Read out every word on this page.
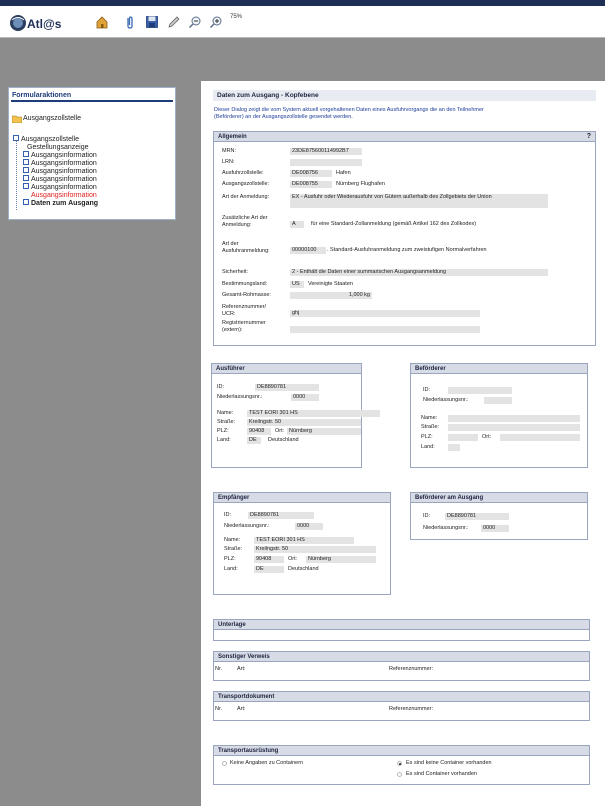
Atl@s	75%
Formularaktionen
Ausgangszollstelle
Ausgangszollstelle
Gestellungsanzeige
Ausgangsinformation
Ausgangsinformation
Ausgangsinformation
Ausgangsinformation
Ausgangsinformation
Ausgangsinformation
Daten zum Ausgang
Daten zum Ausgang - Kopfebene
Dieser Dialog zeigt die vom System aktuell vorgehaltenen Daten eines Ausfuhrvorgangs die an den Teilnehmer (Beförderer) an der Ausgangszollstelle gesendet werden.
Allgemein	?
MRN:	23DE875600114992B7
LRN:
Ausfuhrzollstelle:	DE008756	Hafen
Ausgangszollstelle:	DE008755	Nürnberg Flughafen
Art der Anmeldung:	EX - Ausfuhr oder Wiederausfuhr von Gütern außerhalb des Zollgebiets der Union
Zusätzliche Art der
Anmeldung:	A	für eine Standard-Zollanmeldung (gemäß Artikel 162 des Zollkodex)
Art der
Ausfuhranmeldung:	00000100	. Standard-Ausfuhranmeldung zum zweistufigen Normalverfahren
Sicherheit:	2 - Enthält die Daten einer summarischen Ausgangsanmeldung
Bestimmungsland:	US	Vereinigte Staaten
Gesamt-Rohmasse:	1,000 kg
Referenznummer/
UCR:	ghj
Registriernummer
(extern):
Ausführer
ID:	DE8890781
Niederlassungsnr.:	0000
Name:	TEST EORI 301 HS
Straße:	Kreilngstr. 50
PLZ:	90408	Ort: Nürnberg
Land:	DE	Deutschland
Beförderer
ID:
Niederlassungsnr.:
Name:
Straße:
PLZ:	Ort:
Land:
Empfänger
ID:	DE8890781
Niederlassungsnr.:	0000
Name:	TEST EORI 301 HS
Straße:	Kreilngstr. 50
PLZ:	90408	Ort:	Nürnberg
Land:	DE	Deutschland
Beförderer am Ausgang
ID:	DE8890781
Niederlassungsnr.:	0000
Unterlage
Sonstiger Verweis
Nr.	Art:	Referenznummer:
Transportdokument
Nr.	Art:	Referenznummer:
Transportausrüstung
Keine Angaben zu Containern	Es sind keine Container vorhanden
Es sind Container vorhanden
